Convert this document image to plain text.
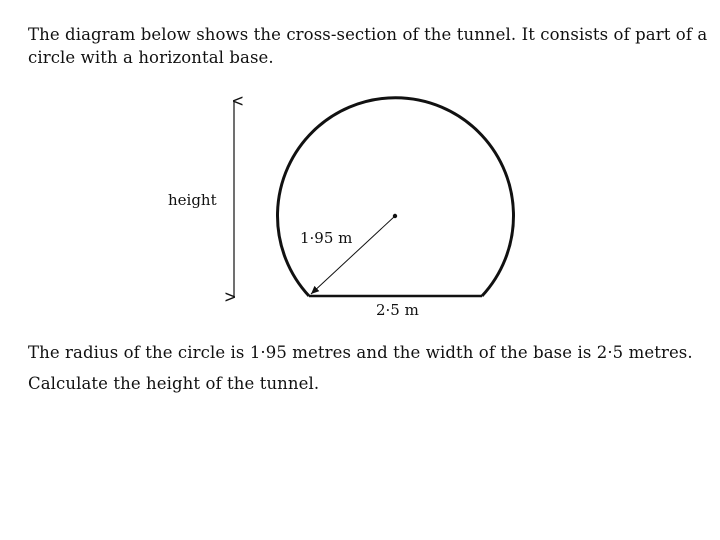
The diagram below shows the cross-section of the tunnel. It consists of part of a
circle with a horizontal base.
height
1·95 m
2·5 m
The radius of the circle is 1·95 metres and the width of the base is 2·5 metres.
Calculate the height of the tunnel.
